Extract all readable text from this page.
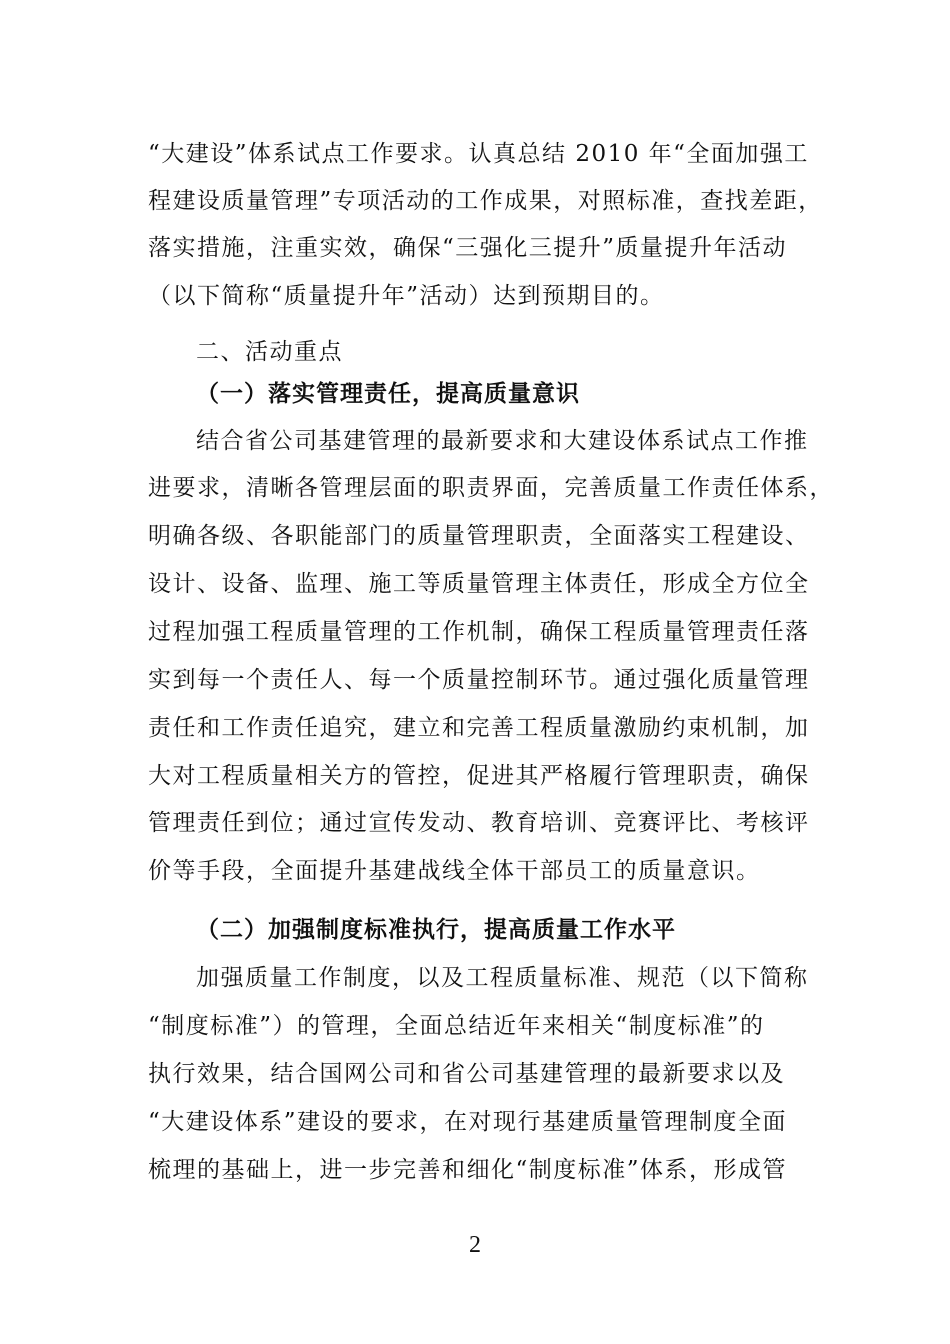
“大建设”体系试点工作要求。认真总结 2010 年“全面加强工
程建设质量管理”专项活动的工作成果，对照标准，查找差距，
落实措施，注重实效，确保“三强化三提升”质量提升年活动
（以下简称“质量提升年”活动）达到预期目的。
二、活动重点
（一）落实管理责任，提高质量意识
结合省公司基建管理的最新要求和大建设体系试点工作推
进要求，清晰各管理层面的职责界面，完善质量工作责任体系，
明确各级、各职能部门的质量管理职责，全面落实工程建设、
设计、设备、监理、施工等质量管理主体责任，形成全方位全
过程加强工程质量管理的工作机制，确保工程质量管理责任落
实到每一个责任人、每一个质量控制环节。通过强化质量管理
责任和工作责任追究，建立和完善工程质量激励约束机制，加
大对工程质量相关方的管控，促进其严格履行管理职责，确保
管理责任到位；通过宣传发动、教育培训、竞赛评比、考核评
价等手段，全面提升基建战线全体干部员工的质量意识。
（二）加强制度标准执行，提高质量工作水平
加强质量工作制度，以及工程质量标准、规范（以下简称
“制度标准”）的管理，全面总结近年来相关“制度标准”的
执行效果，结合国网公司和省公司基建管理的最新要求以及
“大建设体系”建设的要求，在对现行基建质量管理制度全面
梳理的基础上，进一步完善和细化“制度标准”体系，形成管
2
